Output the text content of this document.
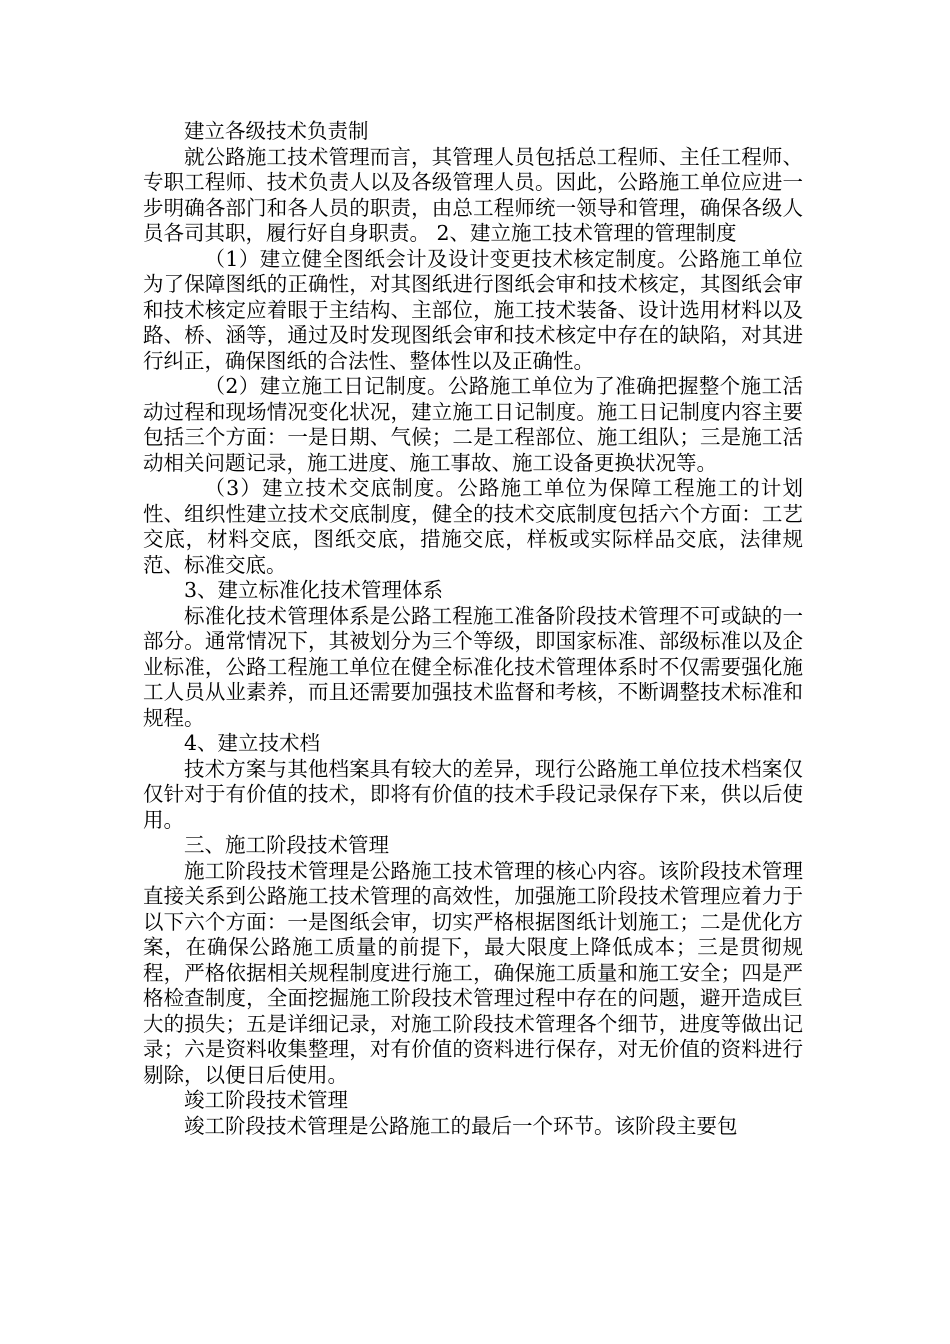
建立各级技术负责制

就公路施工技术管理而言，其管理人员包括总工程师、主任工程师、专职工程师、技术负责人以及各级管理人员。因此，公路施工单位应进一步明确各部门和各人员的职责，由总工程师统一领导和管理，确保各级人员各司其职，履行好自身职责。 2、建立施工技术管理的管理制度

（1）建立健全图纸会计及设计变更技术核定制度。公路施工单位为了保障图纸的正确性，对其图纸进行图纸会审和技术核定，其图纸会审和技术核定应着眼于主结构、主部位，施工技术装备、设计选用材料以及路、桥、涵等，通过及时发现图纸会审和技术核定中存在的缺陷，对其进行纠正，确保图纸的合法性、整体性以及正确性。

（2）建立施工日记制度。公路施工单位为了准确把握整个施工活动过程和现场情况变化状况，建立施工日记制度。施工日记制度内容主要包括三个方面：一是日期、气候；二是工程部位、施工组队；三是施工活动相关问题记录，施工进度、施工事故、施工设备更换状况等。

（3）建立技术交底制度。公路施工单位为保障工程施工的计划性、组织性建立技术交底制度，健全的技术交底制度包括六个方面：工艺交底，材料交底，图纸交底，措施交底，样板或实际样品交底，法律规范、标准交底。

3、建立标准化技术管理体系

标准化技术管理体系是公路工程施工准备阶段技术管理不可或缺的一部分。通常情况下，其被划分为三个等级，即国家标准、部级标准以及企业标准，公路工程施工单位在健全标准化技术管理体系时不仅需要强化施工人员从业素养，而且还需要加强技术监督和考核，不断调整技术标准和规程。

4、建立技术档

技术方案与其他档案具有较大的差异，现行公路施工单位技术档案仅仅针对于有价值的技术，即将有价值的技术手段记录保存下来，供以后使用。

三、施工阶段技术管理

施工阶段技术管理是公路施工技术管理的核心内容。该阶段技术管理直接关系到公路施工技术管理的高效性，加强施工阶段技术管理应着力于以下六个方面：一是图纸会审，切实严格根据图纸计划施工；二是优化方案，在确保公路施工质量的前提下，最大限度上降低成本；三是贯彻规程，严格依据相关规程制度进行施工，确保施工质量和施工安全；四是严格检查制度，全面挖掘施工阶段技术管理过程中存在的问题，避开造成巨大的损失；五是详细记录，对施工阶段技术管理各个细节，进度等做出记录；六是资料收集整理，对有价值的资料进行保存，对无价值的资料进行剔除，以便日后使用。

竣工阶段技术管理

竣工阶段技术管理是公路施工的最后一个环节。该阶段主要包
